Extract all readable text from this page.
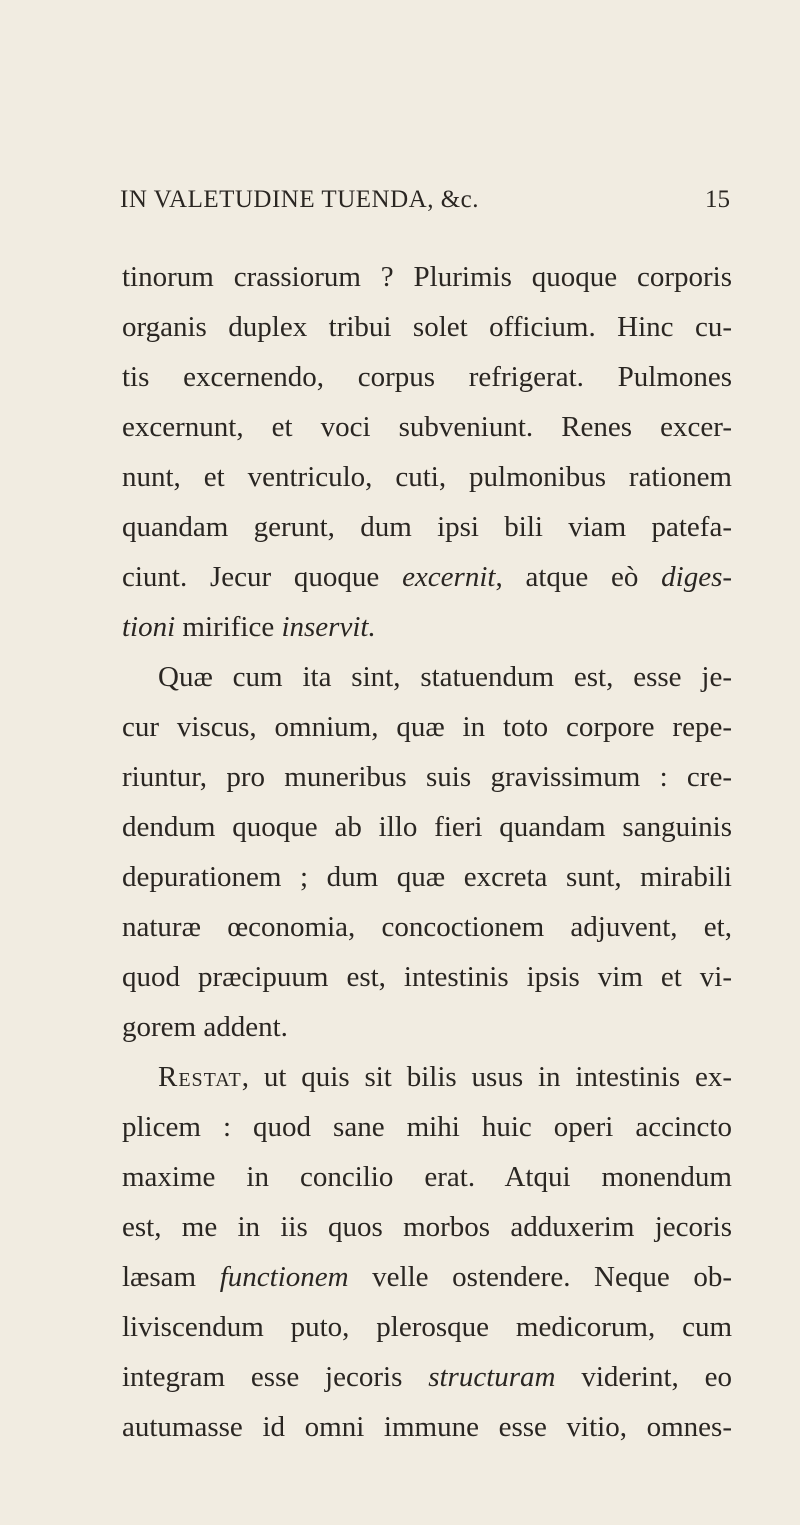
IN VALETUDINE TUENDA, &c.	15
tinorum crassiorum ? Plurimis quoque corporis
organis duplex tribui solet officium. Hinc cu-
tis excernendo, corpus refrigerat. Pulmones
excernunt, et voci subveniunt. Renes excer-
nunt, et ventriculo, cuti, pulmonibus rationem
quandam gerunt, dum ipsi bili viam patefa-
ciunt. Jecur quoque excernit, atque eò diges-
tioni mirifice inservit.
Quæ cum ita sint, statuendum est, esse je-
cur viscus, omnium, quæ in toto corpore repe-
riuntur, pro muneribus suis gravissimum : cre-
dendum quoque ab illo fieri quandam sanguinis
depurationem ; dum quæ excreta sunt, mirabili
naturæ œconomia, concoctionem adjuvent, et,
quod præcipuum est, intestinis ipsis vim et vi-
gorem addent.
Restat, ut quis sit bilis usus in intestinis ex-
plicem : quod sane mihi huic operi accincto
maxime in concilio erat. Atqui monendum
est, me in iis quos morbos adduxerim jecoris
læsam functionem velle ostendere. Neque ob-
liviscendum puto, plerosque medicorum, cum
integram esse jecoris structuram viderint, eo
autumasse id omni immune esse vitio, omnes-
